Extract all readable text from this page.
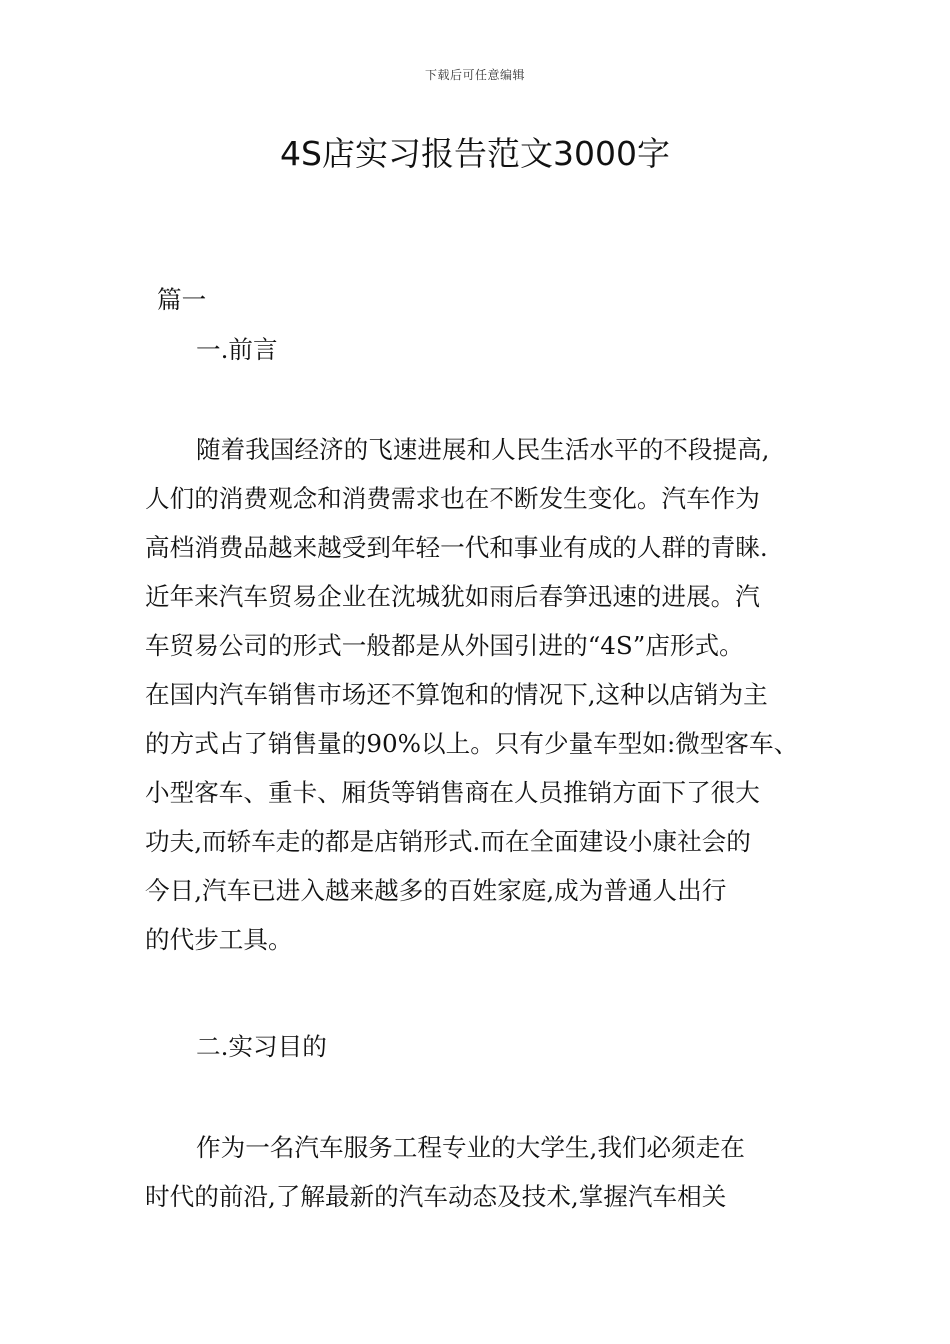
下载后可任意编辑
4S店实习报告范文3000字
篇一
一.前言
随着我国经济的飞速进展和人民生活水平的不段提高,
人们的消费观念和消费需求也在不断发生变化。汽车作为
高档消费品越来越受到年轻一代和事业有成的人群的青睐.
近年来汽车贸易企业在沈城犹如雨后春笋迅速的进展。汽
车贸易公司的形式一般都是从外国引进的“4S”店形式。
在国内汽车销售市场还不算饱和的情况下,这种以店销为主
的方式占了销售量的90%以上。只有少量车型如:微型客车、
小型客车、重卡、厢货等销售商在人员推销方面下了很大
功夫,而轿车走的都是店销形式.而在全面建设小康社会的
今日,汽车已进入越来越多的百姓家庭,成为普通人出行
的代步工具。
二.实习目的
作为一名汽车服务工程专业的大学生,我们必须走在
时代的前沿,了解最新的汽车动态及技术,掌握汽车相关
